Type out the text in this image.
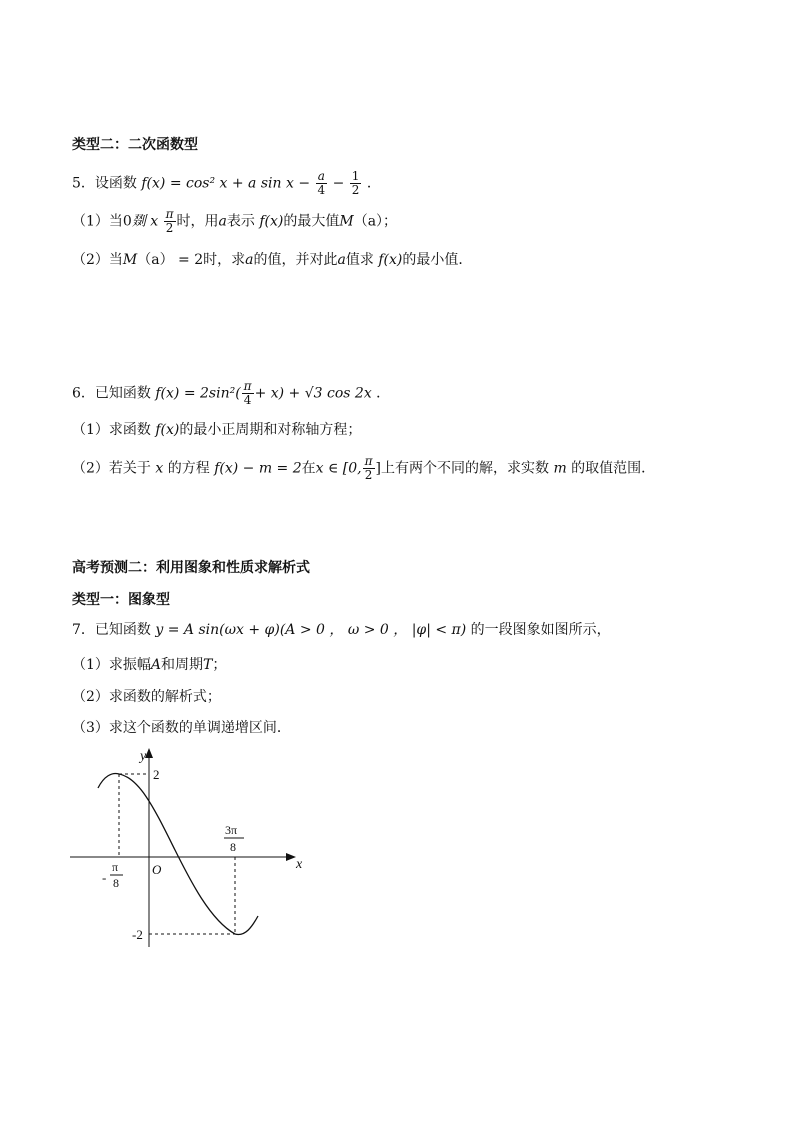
类型二：二次函数型
5．设函数 f(x) = cos² x + a $\sin x - \frac{a}{4} - \frac{1}{2}$ ．
（1）当0剟 x $\frac{\pi}{2}$ 时，用a表示 f(x)的最大值M（a）；
（2）当M（a） = 2时，求a的值，并对此a值求 f(x)的最小值．
6．已知函数 $f(x) = 2\sin^2( \frac{\pi}{4} + x) + √3$ cos 2x ．
（1）求函数 f(x)的最小正周期和对称轴方程；
（2）若关于 x 的方程 f(x) − m = 2在x ∈ [0, $\frac{\pi}{2}$ ]上有两个不同的解，求实数 m 的取值范围．
高考预测二：利用图象和性质求解析式
类型一：图象型
7．已知函数 y = A sin(ωx + φ)(A > 0 ， ω > 0 ， |φ| < π) 的一段图象如图所示，
（1）求振幅A和周期T；
（2）求函数的解析式；
（3）求这个函数的单调递增区间．
y
x
O
2
-2
-
π
8
3π
8
